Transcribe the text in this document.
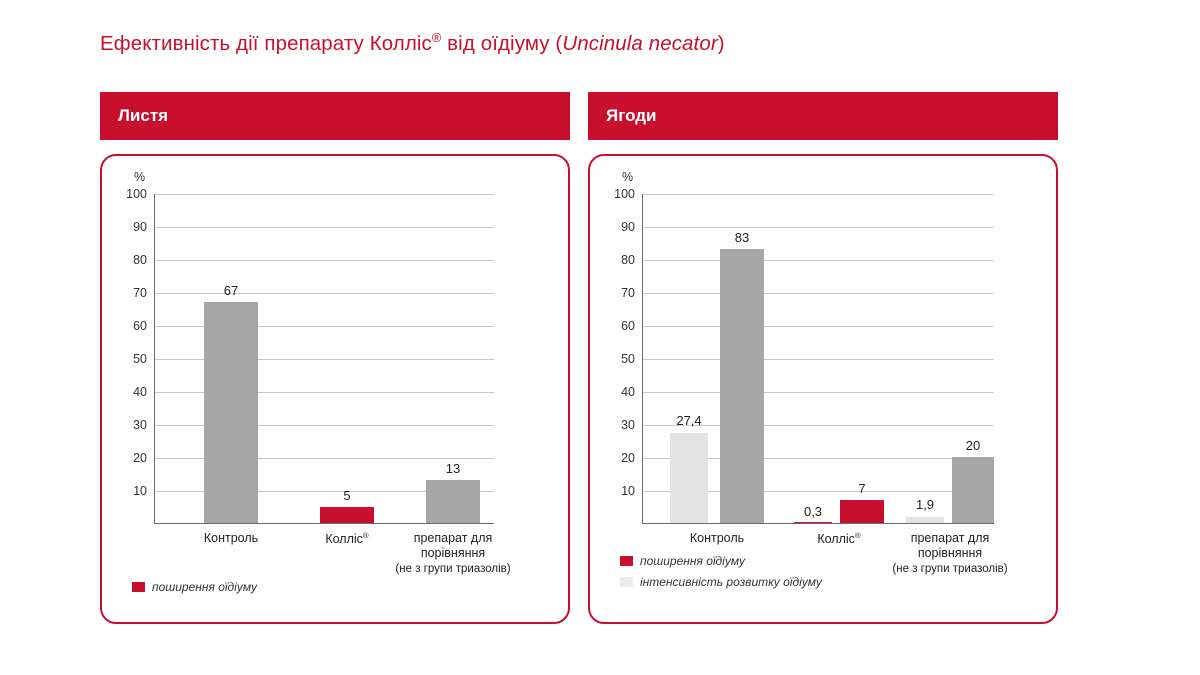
Ефективність дії препарату Колліс® від оїдіуму (Uncinula necator)
Листя
%
100
90
80
70
60
50
40
30
20
10
67
5
13
Контроль	Колліс®	препарат для
порівняння
(не з групи триазолів)
поширення оїдіуму
Ягоди
%
100
90
80
70
60
50
40
30
20
10
27,4
83
0,3
7
1,9
20
Контроль	Колліс®	препарат для
порівняння
(не з групи триазолів)
поширення оїдіуму
інтенсивність розвитку оїдіуму
